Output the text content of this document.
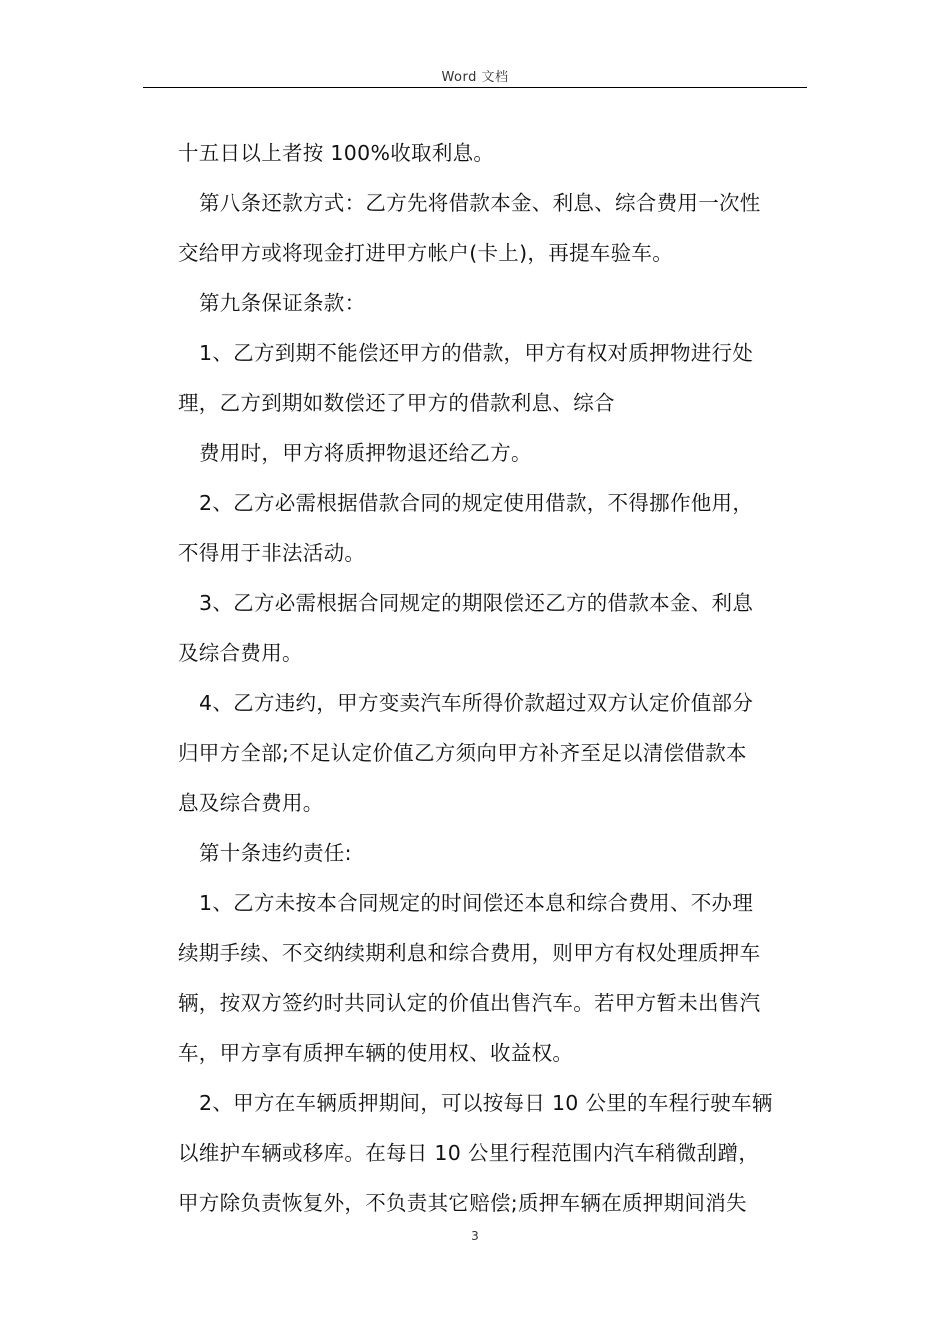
Word 文档
十五日以上者按 100%收取利息。
第八条还款方式：乙方先将借款本金、利息、综合费用一次性
交给甲方或将现金打进甲方帐户(卡上)，再提车验车。
第九条保证条款：
1、乙方到期不能偿还甲方的借款，甲方有权对质押物进行处
理，乙方到期如数偿还了甲方的借款利息、综合
费用时，甲方将质押物退还给乙方。
2、乙方必需根据借款合同的规定使用借款，不得挪作他用，
不得用于非法活动。
3、乙方必需根据合同规定的期限偿还乙方的借款本金、利息
及综合费用。
4、乙方违约，甲方变卖汽车所得价款超过双方认定价值部分
归甲方全部;不足认定价值乙方须向甲方补齐至足以清偿借款本
息及综合费用。
第十条违约责任:
1、乙方未按本合同规定的时间偿还本息和综合费用、不办理
续期手续、不交纳续期利息和综合费用，则甲方有权处理质押车
辆，按双方签约时共同认定的价值出售汽车。若甲方暂未出售汽
车，甲方享有质押车辆的使用权、收益权。
2、甲方在车辆质押期间，可以按每日 10 公里的车程行驶车辆
以维护车辆或移库。在每日 10 公里行程范围内汽车稍微刮蹭，
甲方除负责恢复外，不负责其它赔偿;质押车辆在质押期间消失
3
